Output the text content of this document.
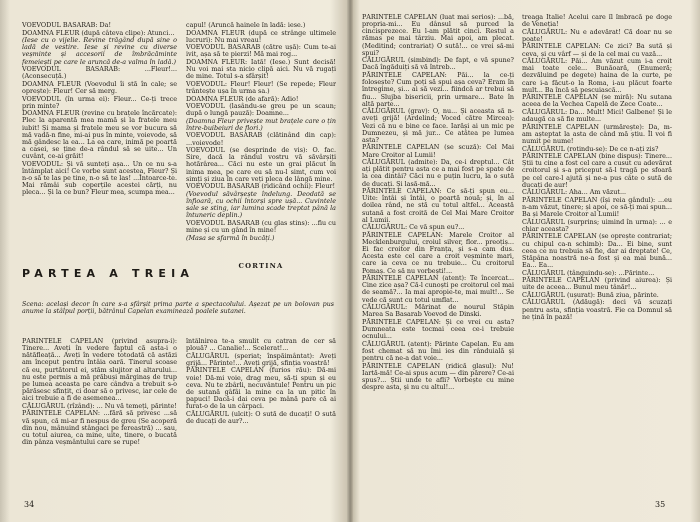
VOEVODUL BASARAB: Da!

DOAMNA FLEUR (după câteva clipe): Atunci...

(Iese cu o vijelie. Revine trăgând după sine o ladă de vestire. Iese și revine cu diverse veșminte și accesorii de îmbrăcăminte femeiești pe care le aruncă de-a valma în ladă.)

VOEVODUL BASARAB: ...Fleur!... (Aconsecuță.)

DOAMNA FLEUR (Voevodul îi stă în cale; se oprește): Fleur! Cer să merg.

VOEVODUL (în urma ei): Fleur... Ce-ți trece prin minte?

DOAMNA FLEUR (revine cu brațele încărcate): Plec la aparentă mea mamă și la fratele meu iubit! Și mama și fratele meu se vor bucura să mă vadă-n fine, mi-ai pus în minte, voievode, să mă gândesc la ea... La ea care, inimă pe poartă a casei, se ține de-a rândul să se uite... Un cuvânt, ce-ai grăit!

VOEVODUL: Și vă sunteți așa... Un ce nu s-a întâmplat aici! Ce vorbe sunt acestea, Fleur? Și n-o să te las pe tine, n-o să te las! ...Întoarce-te. Mai rămâi sub coperțile acestei cărți, nu pleca... Și la ce bun? Fleur mea, scumpa mea...

capul! (Aruncă hainele în ladă: iese.)

DOAMNA FLEUR (după ce strânge ultimele lucruri): Nu mai vreau!

VOEVODUL BASARAB (către ușă): Cum te-ai ivit, așa să te pierzi! Mă mai rog...

DOAMNA FLEUR: Iată! (Iese.) Sunt decisă! Nu voi mai sta nicio clipă aici. Nu vă rugați de mine. Totul s-a sfârșit!

VOEVODUL: Fleur! Fleur! (Se repede; Fleur trântește ușa în urma sa.)

DOAMNA FLEUR (de afară): Adio!

VOEVODUL (lasându-se greu pe un scaun; după o lungă pauză): Doamne...

(Doamna Fleur privește mut brațele care o țin între-buibeiuri de flori.)

VOEVODUL BASARAB (clătinând din cap): ...voievode!

VOEVODUL (se desprinde de vis): O. fac. Sire, dacă la rândul vostru vă săvârșiți hotărârea... Căci nu este un grai plăcut în inima mea, pe care eu să nu-l simt, cum voi simți și ziua în care veți pleca de lângă mine.

VOEVODUL BASARAB (ridicând ochii): Fleur!

(Voevodul săvârșește îndelung. Deodată se înfioară, cu ochii întorși spre ușă... Cuvintele sale se sting, iar lumina scade treptat până la întuneric deplin.)

VOEVODUL BASARAB (cu glas stins): ...fiu cu mine și cu un gând în mine!

(Masa se sfarmă în bucăți.)

CORTINA
PARTEA A TREIA
Scena: același decor în care s-a sfârșit prima parte a spectacolului. Așezat pe un bolovan pus anume la stâlpul porții, bătrânul Capelan examinează poalele sutanei.

PĂRINTELE CAPELAN (privind asupra-i): Tinere... Aveți în vedere faptul că asta-i o nătăfleață... Aveți în vedere totodată că astăzi am început pentru întâia oară. Tinerul scoase că eu, purtătorul ei, stăm slujitor al altarului... nu este permis a mă prăbuși mărginaș de trup pe lumea aceasta pe care cândva a trebuit s-o părăsesc sfințit, ci doar să o privesc, iar cele de aici trebuie a fi de asemenea...

CĂLUGĂRUL (rîzând): ... Nu vă temeți, părinte!

PĂRINTELE CAPELAN: ...fără să privesc ...să vă spun, că mi-ar fi nespus de greu (Se acoperă din nou, mânuind stângaci pe fereastră) ... sau, cu totul aiurea, ca mine, uite, tinere, o bucată din pânza veșmântului care se rupe!

întâlnirea te-a smulit cu catran de cer să plouă? ... Canalie!... Scelerat!...

CĂLUGĂRUL (speriat; înspăimântat): Aveți grijă... Părinte!... Aveți grijă, sfinția voastră!

PĂRINTELE CAPELAN (furios rău): Dă-mi voie! Dă-mi voie, drag meu, să-ți spun și eu ceva. Nu te zbârli, necuvântule! Pentru un pic de sutană gâfâi la mine ca la un pitic în papuci! Dacă-i dai ceva pe mână pare că ai furat-o de la un cârpaci.

CĂLUGĂRUL (ulcit): O sută de ducați! O sută de ducați de aur?...

34

PĂRINTELE CAPELAN (luat mai serios): ...bă, propria-mi... Eu dânsul să purced la cincisprezece. Eu l-am plătit cinci. Restul a rămas pe mai târziu. Mai apoi, am plecat. (Meditind; contrariat) O sută!... ce vrei să-mi spui?

CĂLUGĂRUL (simbind): De fapt, e vă spune? Dacă îngăduiți să vă întreb...

PĂRINTELE CAPELAN: Păi... la ce-ți folosește? Cum poți să spui așa ceva? Eram în întregime, și... ai să vezi... fiindcă ar trebui să fiu... Slujba bisericii, prin urmare... Bate în altă parte...

CĂLUGĂRUL (grav): O, nu... Și aceasta să n-aveți grijă! (Ardelind; Voced către Mircea): Vezi că nu e bine ce face. Iarăși ai un mic pe Dumnezeu, și mă jur... Ce atâtea pe lumea asta?

PĂRINTELE CAPELAN (se scuză): Cel Mai Mare Croitor al Lumii!

CĂLUGĂRUL (admite): Da, ce-i dreptul... Cât ați plătit pentru asta ce a mai fost pe spate de la cea dintâi? Căci nu e puțin lucru, la o sută de ducați. Și lasă-mă...

PĂRINTELE CAPELAN: Ce să-ți spun eu... Uite: întâi și întâi, o poartă nouă; și, în al doilea rând, ne stă cu totul altfel... Această sutană a fost croită de Cel Mai Mare Croitor al Lumii.

CĂLUGĂRUL: Ce vă spun eu?...

PĂRINTELE CAPELAN: Marele Croitor al Mecklenburgului, croiul silver, flor... preoțiș... Ei fac croitor din Franța, și s-a cam dus. Acesta este cel care a croit veșminte mari, care ia ceva ce nu trebuie... Cu croitorul Pomaș. Ce să nu vorbești!...

PĂRINTELE CAPELAN (atent): Te încercat... Cine zice așa? Că-l cunoști pe croitorul cel mai de seamă?... Ia mai apropie-te, mai mult!... Se vede că sunt cu totul umflat...

CĂLUGĂRUL: Mărinat de nourul Stăpin Marea Sa Basarab Voevod de Dinski.

PĂRINTELE CAPELAN: Și ce vrei cu asta? Dumneata este tocmai ceea ce-i trebuie ocnului...

CĂLUGĂRUL (atent): Părinte Capelan. Eu am fost chemat să nu îmi ies din rânduială și pentru că ne-a dat voie...

PĂRINTELE CAPELAN (ridică glasul): Nu! Iartă-mă! Ce-ai spus acum — din părere? Ce-ai spus?... Știi unde te afli? Vorbește cu mine despre asta, și nu cu altul!...

treaga Italie! Acelui care îl îmbracă pe doge de Veneția!

CĂLUGĂRUL: Nu e adevărat! Că doar nu se poate!

PĂRINTELE CAPELAN: Ce zici? Ba sută și ceva, și cu vârf — și de la cel mai cu vază...

CĂLUGĂRUL: Păi... Am văzut cum i-a croit mai toate cele... Bunăoară, (Enumeră; dezvăluind pe degete) haina de la curte, pe care i-a făcut-o la Roma, i-au plăcut foarte mult... Ba încă să pescuiască...

PĂRINTELE CAPELAN (se miră): Nu sutana aceea de la Vechea Capelă de Zece Coate...

CĂLUGĂRUL: Da... Mult! Mici! Galbene! Și le adaugă ca să fie multe...

PĂRINTELE CAPELAN (urmărește): Da, m-am așteptat la asta de când mă știu. Îl voi fi numit pe nume!

CĂLUGĂRUL (rotindu-se): De ce n-ați zis?

PĂRINTELE CAPELAN (bine dispus): Tinere... Știi tu cine a fost cel care a cusut cu adevărat croitorul și s-a priceput să-l tragă pe sfoară pe cel care-l ajută și ne-a pus câte o sută de ducați de aur!

CĂLUGĂRUL: Aha... Am văzut...

PĂRINTELE CAPELAN (își reia gândul): ...eu n-am văzut, tinere; și apoi, ce să-ți mai spun... Ba și Marele Croitor al Lumii!

CĂLUGĂRUL (surprins; uimind în urma): ... e chiar aceasta?

PĂRINTELE CAPELAN (se oprește contrariat; cu chipul ca-n schimb): Da... Ei bine, sunt ceea ce nu trebuia să fie, dar ai dreptate! Ce, Stăpâna noastră ne-a fost și ea mai bună... Ea... Ea...

CĂLUGĂRUL (tânguindu-se): ...Părinte...

PĂRINTELE CAPELAN (privind aiurea): Și uite de aceea... Bunul meu tânăr!...

CĂLUGĂRUL (ușurat): Bună ziua, părinte.

CĂLUGĂRUL (Adăugă): deci vă scuzați pentru asta, sfinția voastră. Fie ca Domnul să ne țină în pază!

35
